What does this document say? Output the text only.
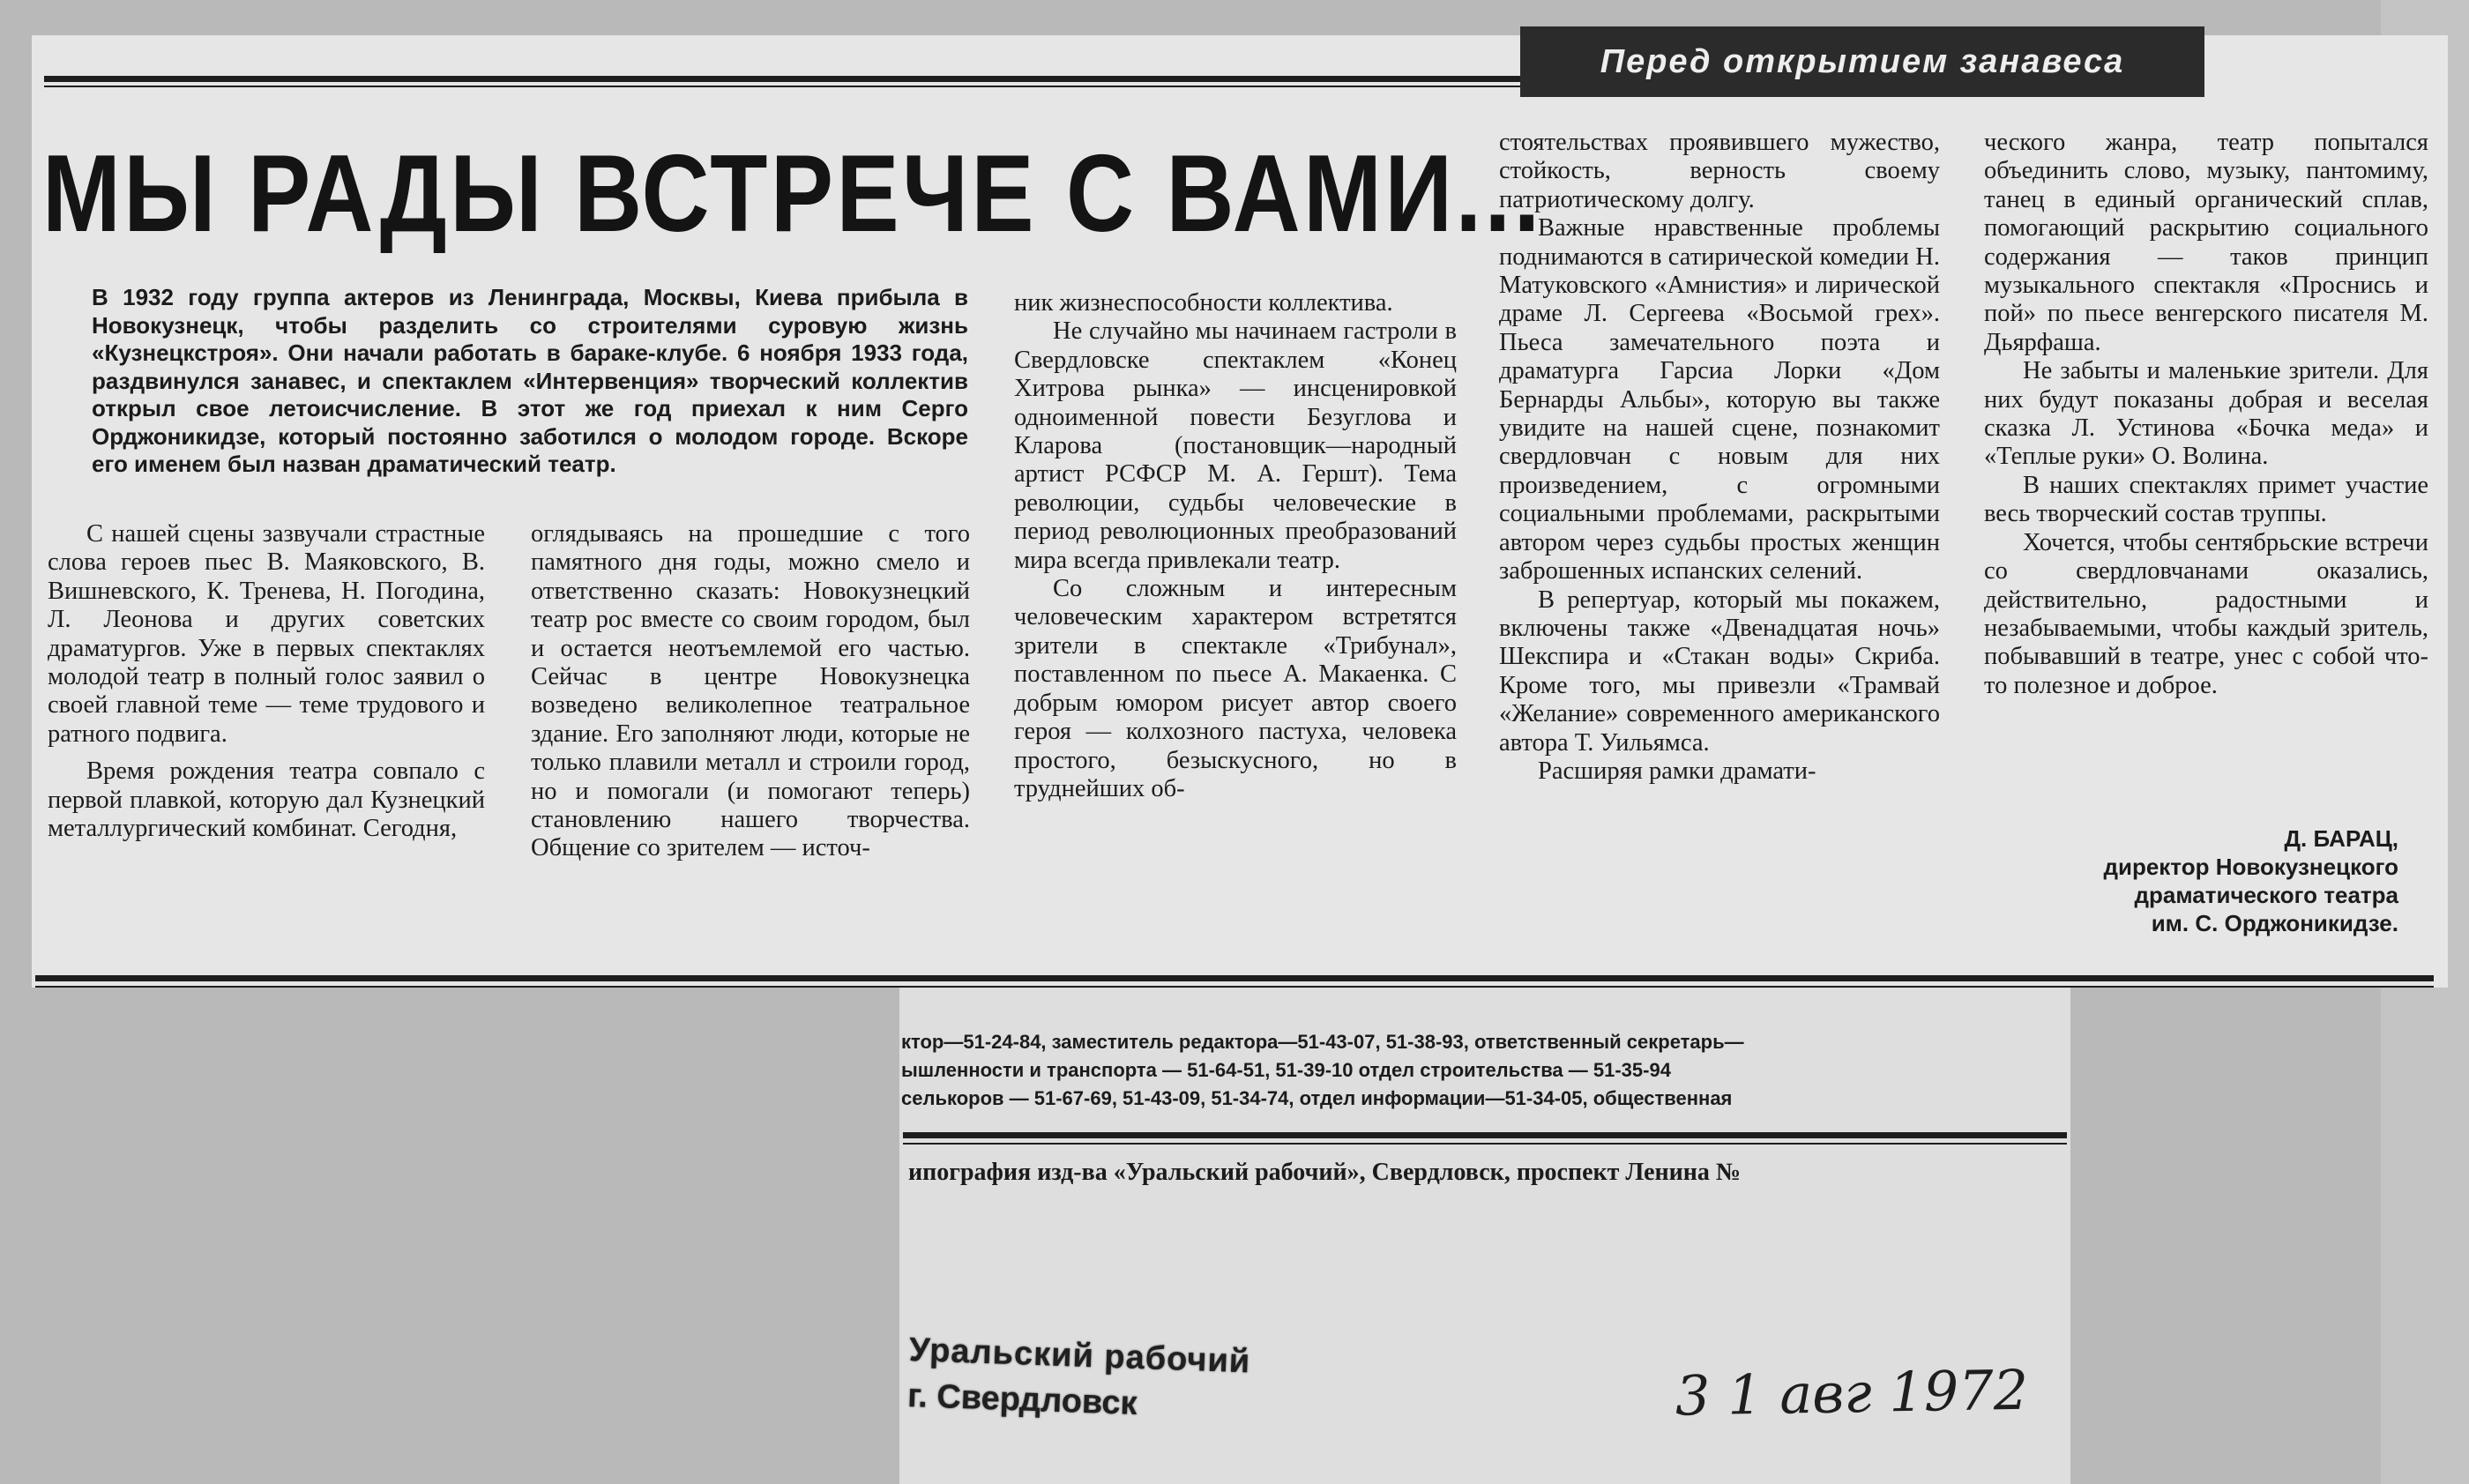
Перед открытием занавеса
МЫ РАДЫ ВСТРЕЧЕ С ВАМИ...
В 1932 году группа актеров из Ленинграда, Москвы, Киева прибыла в Новокузнецк, чтобы разделить со строителями суровую жизнь «Кузнецкстроя». Они начали работать в бараке-клубе. 6 ноября 1933 года, раздвинулся занавес, и спектаклем «Интервенция» творческий коллектив открыл свое летоисчисление. В этот же год приехал к ним Серго Орджоникидзе, который постоянно заботился о молодом городе. Вскоре его именем был назван драматический театр.

С нашей сцены зазвучали страстные слова героев пьес В. Маяковского, В. Вишневского, К. Тренева, Н. Погодина, Л. Леонова и других советских драматургов. Уже в первых спектаклях молодой театр в полный голос заявил о своей главной теме — теме трудового и ратного подвига.

Время рождения театра совпало с первой плавкой, которую дал Кузнецкий металлургический комбинат. Сегодня,

оглядываясь на прошедшие с того памятного дня годы, можно смело и ответственно сказать: Новокузнецкий театр рос вместе со своим городом, был и остается неотъемлемой его частью. Сейчас в центре Новокузнецка возведено великолепное театральное здание. Его заполняют люди, которые не только плавили металл и строили город, но и помогали (и помогают теперь) становлению нашего творчества. Общение со зрителем — источ-

ник жизнеспособности коллектива.

Не случайно мы начинаем гастроли в Свердловске спектаклем «Конец Хитрова рынка» — инсценировкой одноименной повести Безуглова и Кларова (постановщик—народный артист РСФСР М. А. Гершт). Тема революции, судьбы человеческие в период революционных преобразований мира всегда привлекали театр.

Со сложным и интересным человеческим характером встретятся зрители в спектакле «Трибунал», поставленном по пьесе А. Макаенка. С добрым юмором рисует автор своего героя — колхозного пастуха, человека простого, безыскусного, но в труднейших об-

стоятельствах проявившего мужество, стойкость, верность своему патриотическому долгу.

Важные нравственные проблемы поднимаются в сатирической комедии Н. Матуковского «Амнистия» и лирической драме Л. Сергеева «Восьмой грех». Пьеса замечательного поэта и драматурга Гарсиа Лорки «Дом Бернарды Альбы», которую вы также увидите на нашей сцене, познакомит свердловчан с новым для них произведением, с огромными социальными проблемами, раскрытыми автором через судьбы простых женщин заброшенных испанских селений.

В репертуар, который мы покажем, включены также «Двенадцатая ночь» Шекспира и «Стакан воды» Скриба. Кроме того, мы привезли «Трамвай «Желание» современного американского автора Т. Уильямса.

Расширяя рамки драмати-

ческого жанра, театр попытался объединить слово, музыку, пантомиму, танец в единый органический сплав, помогающий раскрытию социального содержания — таков принцип музыкального спектакля «Проснись и пой» по пьесе венгерского писателя М. Дьярфаша.

Не забыты и маленькие зрители. Для них будут показаны добрая и веселая сказка Л. Устинова «Бочка меда» и «Теплые руки» О. Волина.

В наших спектаклях примет участие весь творческий состав труппы.

Хочется, чтобы сентябрьские встречи со свердловчанами оказались, действительно, радостными и незабываемыми, чтобы каждый зритель, побывавший в театре, унес с собой что-то полезное и доброе.

Д. БАРАЦ,
директор Новокузнецкого
драматического театра
им. С. Орджоникидзе.
ктор—51-24-84, заместитель редактора—51-43-07, 51-38-93, ответственный секретарь—
ышленности и транспорта — 51-64-51, 51-39-10 отдел строительства — 51-35-94
селькоров — 51-67-69, 51-43-09, 51-34-74, отдел информации—51-34-05, общественная
ипография изд-ва «Уральский рабочий», Свердловск, проспект Ленина №
Уральский рабочий
г. Свердловск	3 1 авг 1972
